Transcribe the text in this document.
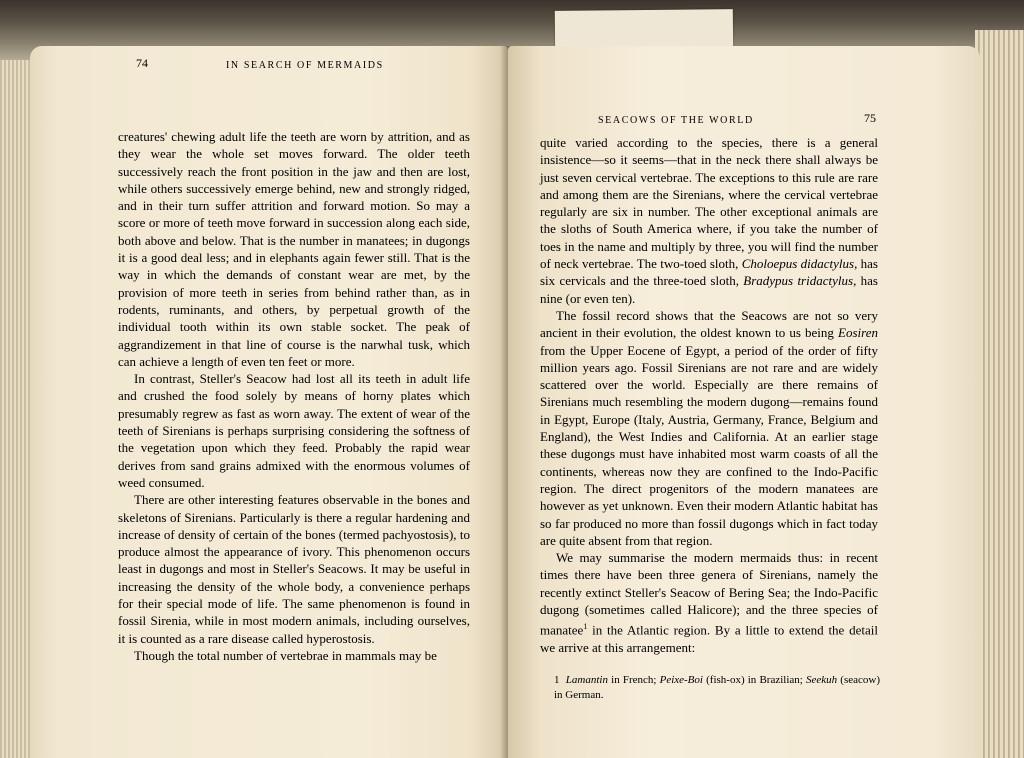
74	IN SEARCH OF MERMAIDS

creatures' chewing adult life the teeth are worn by attrition, and as they wear the whole set moves forward. The older teeth successively reach the front position in the jaw and then are lost, while others successively emerge behind, new and strongly ridged, and in their turn suffer attrition and forward motion. So may a score or more of teeth move forward in succession along each side, both above and below. That is the number in manatees; in dugongs it is a good deal less; and in elephants again fewer still. That is the way in which the demands of constant wear are met, by the provision of more teeth in series from behind rather than, as in rodents, ruminants, and others, by perpetual growth of the individual tooth within its own stable socket. The peak of aggrandizement in that line of course is the narwhal tusk, which can achieve a length of even ten feet or more.

In contrast, Steller's Seacow had lost all its teeth in adult life and crushed the food solely by means of horny plates which presumably regrew as fast as worn away. The extent of wear of the teeth of Sirenians is perhaps surprising considering the softness of the vegetation upon which they feed. Probably the rapid wear derives from sand grains admixed with the enormous volumes of weed consumed.

There are other interesting features observable in the bones and skeletons of Sirenians. Particularly is there a regular hardening and increase of density of certain of the bones (termed pachyostosis), to produce almost the appearance of ivory. This phenomenon occurs least in dugongs and most in Steller's Seacows. It may be useful in increasing the density of the whole body, a convenience perhaps for their special mode of life. The same phenomenon is found in fossil Sirenia, while in most modern animals, including ourselves, it is counted as a rare disease called hyperostosis.

Though the total number of vertebrae in mammals may be

SEACOWS OF THE WORLD	75

quite varied according to the species, there is a general insistence—so it seems—that in the neck there shall always be just seven cervical vertebrae. The exceptions to this rule are rare and among them are the Sirenians, where the cervical vertebrae regularly are six in number. The other exceptional animals are the sloths of South America where, if you take the number of toes in the name and multiply by three, you will find the number of neck vertebrae. The two-toed sloth, Choloepus didactylus, has six cervicals and the three-toed sloth, Bradypus tridactylus, has nine (or even ten).

The fossil record shows that the Seacows are not so very ancient in their evolution, the oldest known to us being Eosiren from the Upper Eocene of Egypt, a period of the order of fifty million years ago. Fossil Sirenians are not rare and are widely scattered over the world. Especially are there remains of Sirenians much resembling the modern dugong—remains found in Egypt, Europe (Italy, Austria, Germany, France, Belgium and England), the West Indies and California. At an earlier stage these dugongs must have inhabited most warm coasts of all the continents, whereas now they are confined to the Indo-Pacific region. The direct progenitors of the modern manatees are however as yet unknown. Even their modern Atlantic habitat has so far produced no more than fossil dugongs which in fact today are quite absent from that region.

We may summarise the modern mermaids thus: in recent times there have been three genera of Sirenians, namely the recently extinct Steller's Seacow of Bering Sea; the Indo-Pacific dugong (sometimes called Halicore); and the three species of manatee$^1$ in the Atlantic region. By a little to extend the detail we arrive at this arrangement:

1 Lamantin in French; Peixe-Boi (fish-ox) in Brazilian; Seekuh (seacow) in German.
